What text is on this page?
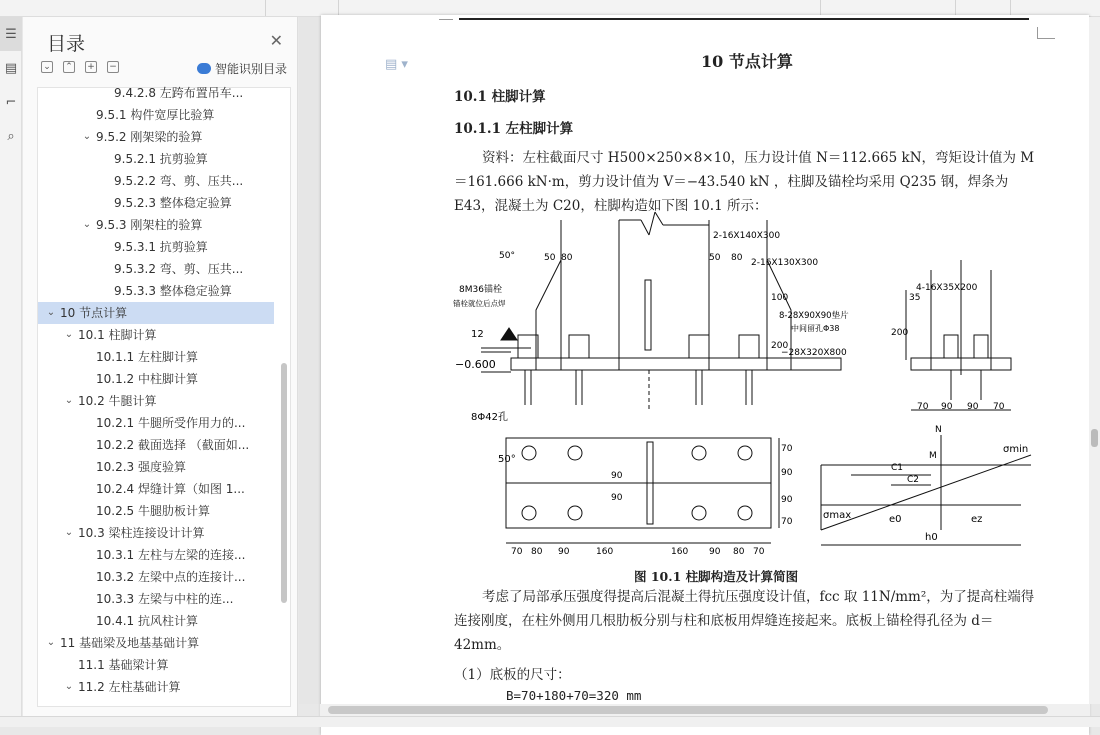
☰
▤
⌐
⌕
目录	✕
⌄ ⌃ + −	智能识别目录
9.4.2.8 左跨布置吊车...
9.5.1 构件宽厚比验算
⌄ 9.5.2 刚架梁的验算
9.5.2.1 抗剪验算
9.5.2.2 弯、剪、压共...
9.5.2.3 整体稳定验算
⌄ 9.5.3 刚架柱的验算
9.5.3.1 抗剪验算
9.5.3.2 弯、剪、压共...
9.5.3.3 整体稳定验算
⌄ 10 节点计算
⌄ 10.1 柱脚计算
10.1.1 左柱脚计算
10.1.2 中柱脚计算
⌄ 10.2 牛腿计算
10.2.1 牛腿所受作用力的...
10.2.2 截面选择 （截面如...
10.2.3 强度验算
10.2.4 焊缝计算（如图 1...
10.2.5 牛腿肋板计算
⌄ 10.3 梁柱连接设计计算
10.3.1 左柱与左梁的连接...
10.3.2 左梁中点的连接计...
10.3.3 左梁与中柱的连...
10.4.1 抗风柱计算
⌄ 11 基础梁及地基基础计算
11.1 基础梁计算
⌄ 11.2 左柱基础计算
▤ ▾	10 节点计算
10.1 柱脚计算
10.1.1 左柱脚计算
资料：左柱截面尺寸 H500×250×8×10，压力设计值 N＝112.665 kN，弯矩设计值为 M＝161.666 kN·m，剪力设计值为 V＝−43.540 kN ，柱脚及锚栓均采用 Q235 钢，焊条为 E43，混凝土为 C20，柱脚构造如下图 10.1 所示：
50°	50 80
2-16X140X300
2-16X130X300
80
50
8M36锚栓
锚栓就位后点焊
8-28X90X90垫片
中间留孔Φ38
−28X320X800
−0.600
12
100
200
4-16X35X200
35
200
70 90 90 70
8Φ42孔
50°
70
90
90
70
90
90
70 80 90	160	160 90 80 70
N
M
σmin
σmax	e0	ez
h0
C1
C2
图 10.1 柱脚构造及计算简图
考虑了局部承压强度得提高后混凝土得抗压强度设计值，fcc 取 11N/mm²，为了提高柱端得连接刚度，在柱外侧用几根肋板分别与柱和底板用焊缝连接起来。底板上锚栓得孔径为 d＝42mm。
（1）底板的尺寸：
B=70+180+70=320 mm
